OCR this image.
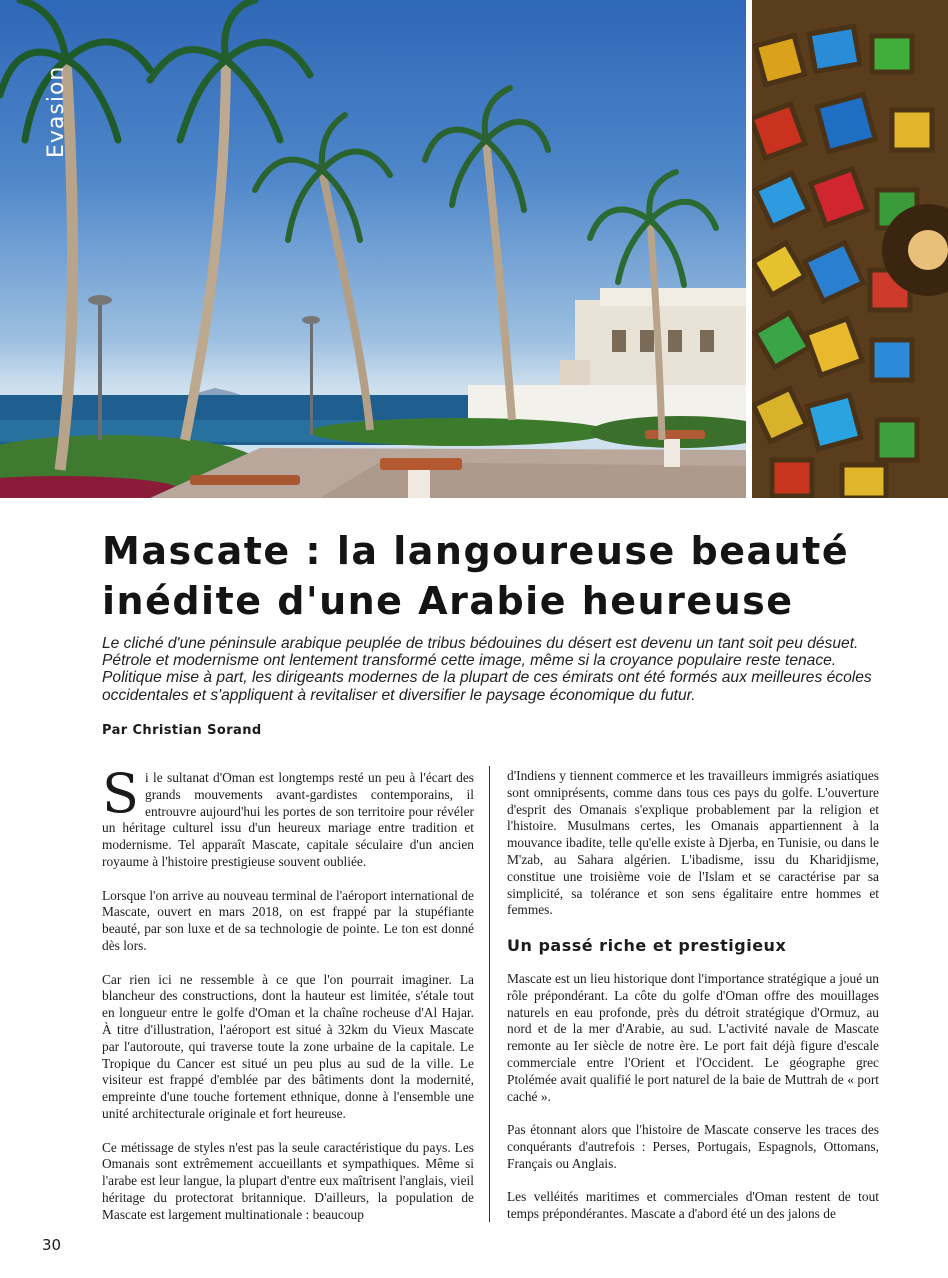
Evasion
Mascate : la langoureuse beauté
inédite d'une Arabie heureuse

Le cliché d'une péninsule arabique peuplée de tribus bédouines du désert est devenu un tant soit peu désuet. Pétrole et modernisme ont lentement transformé cette image, même si la croyance populaire reste tenace. Politique mise à part, les dirigeants modernes de la plupart de ces émirats ont été formés aux meilleures écoles occidentales et s'appliquent à revitaliser et diversifier le paysage économique du futur.

Par Christian Sorand

Si le sultanat d'Oman est longtemps resté un peu à l'écart des grands mouvements avant-gardistes contemporains, il entrouvre aujourd'hui les portes de son territoire pour révéler un héritage culturel issu d'un heureux mariage entre tradition et modernisme. Tel apparaît Mascate, capitale séculaire d'un ancien royaume à l'histoire prestigieuse souvent oubliée.

Lorsque l'on arrive au nouveau terminal de l'aéroport international de Mascate, ouvert en mars 2018, on est frappé par la stupéfiante beauté, par son luxe et de sa technologie de pointe. Le ton est donné dès lors.

Car rien ici ne ressemble à ce que l'on pourrait imaginer. La blancheur des constructions, dont la hauteur est limitée, s'étale tout en longueur entre le golfe d'Oman et la chaîne rocheuse d'Al Hajar. À titre d'illustration, l'aéroport est situé à 32km du Vieux Mascate par l'autoroute, qui traverse toute la zone urbaine de la capitale. Le Tropique du Cancer est situé un peu plus au sud de la ville. Le visiteur est frappé d'emblée par des bâtiments dont la modernité, empreinte d'une touche fortement ethnique, donne à l'ensemble une unité architecturale originale et fort heureuse.

Ce métissage de styles n'est pas la seule caractéristique du pays. Les Omanais sont extrêmement accueillants et sympathiques. Même si l'arabe est leur langue, la plupart d'entre eux maîtrisent l'anglais, vieil héritage du protectorat britannique. D'ailleurs, la population de Mascate est largement multinationale : beaucoup

d'Indiens y tiennent commerce et les travailleurs immigrés asiatiques sont omniprésents, comme dans tous ces pays du golfe. L'ouverture d'esprit des Omanais s'explique probablement par la religion et l'histoire. Musulmans certes, les Omanais appartiennent à la mouvance ibadite, telle qu'elle existe à Djerba, en Tunisie, ou dans le M'zab, au Sahara algérien. L'ibadisme, issu du Kharidjisme, constitue une troisième voie de l'Islam et se caractérise par sa simplicité, sa tolérance et son sens égalitaire entre hommes et femmes.

Un passé riche et prestigieux

Mascate est un lieu historique dont l'importance stratégique a joué un rôle prépondérant. La côte du golfe d'Oman offre des mouillages naturels en eau profonde, près du détroit stratégique d'Ormuz, au nord et de la mer d'Arabie, au sud. L'activité navale de Mascate remonte au Ier siècle de notre ère. Le port fait déjà figure d'escale commerciale entre l'Orient et l'Occident. Le géographe grec Ptolémée avait qualifié le port naturel de la baie de Muttrah de « port caché ».

Pas étonnant alors que l'histoire de Mascate conserve les traces des conquérants d'autrefois : Perses, Portugais, Espagnols, Ottomans, Français ou Anglais.

Les velléités maritimes et commerciales d'Oman restent de tout temps prépondérantes. Mascate a d'abord été un des jalons de

30
